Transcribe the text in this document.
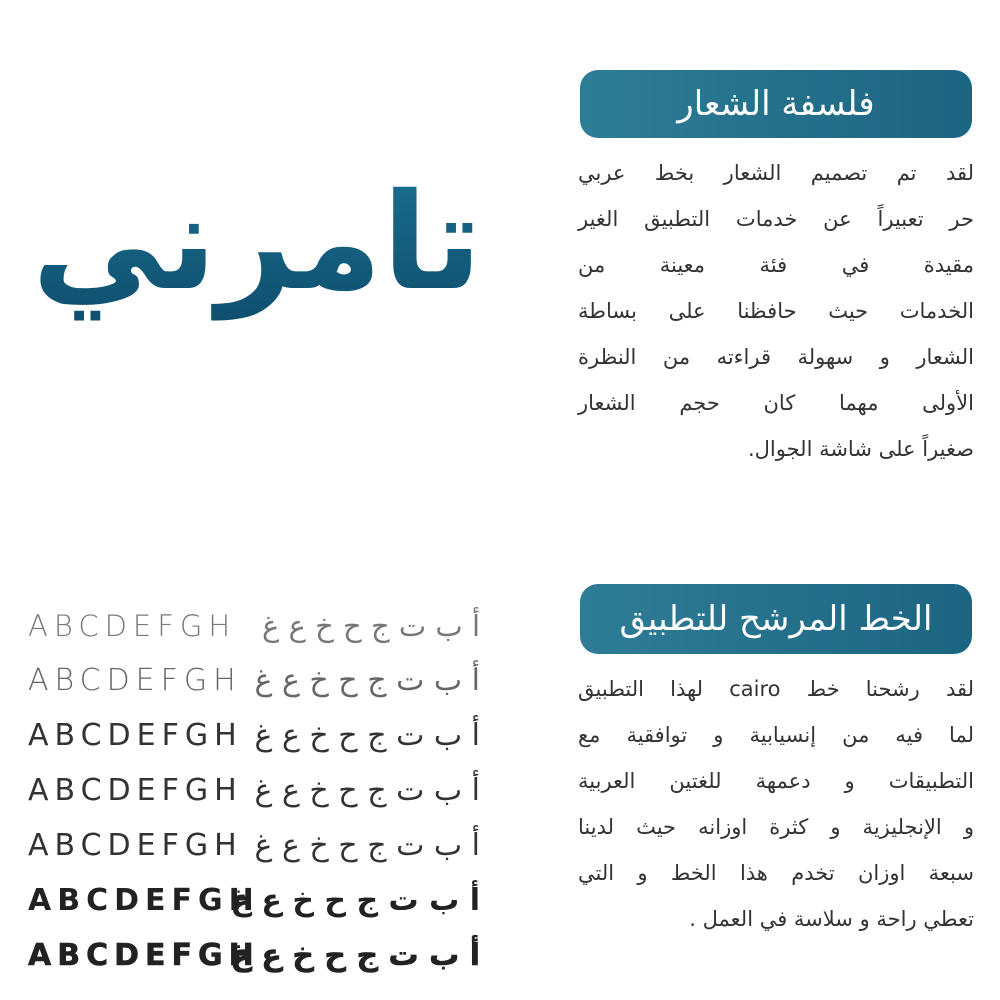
تامرني
فلسفة الشعار
لقد تم تصميم الشعار بخط عربي
حر تعبيراً عن خدمات التطبيق الغير
مقيدة في فئة معينة من
الخدمات حيث حافظنا على بساطة
الشعار و سهولة قراءته من النظرة
الأولى مهما كان حجم الشعار
صغيراً على شاشة الجوال.
الخط المرشح للتطبيق
لقد رشحنا خط cairo لهذا التطبيق
لما فيه من إنسيابية و توافقية مع
التطبيقات و دعمهة للغتين العربية
و الإنجليزية و كثرة اوزانه حيث لدينا
سبعة اوزان تخدم هذا الخط و التي
تعطي راحة و سلاسة في العمل .
ABCDEFGH أ ب ت ج ح خ ع غ
ABCDEFGH أ ب ت ج ح خ ع غ
ABCDEFGH أ ب ت ج ح خ ع غ
ABCDEFGH أ ب ت ج ح خ ع غ
ABCDEFGH أ ب ت ج ح خ ع غ
ABCDEFGH
أ ب ت ج ح خ ع غ
ABCDEFGH
أ ب ت ج ح خ ع غ
